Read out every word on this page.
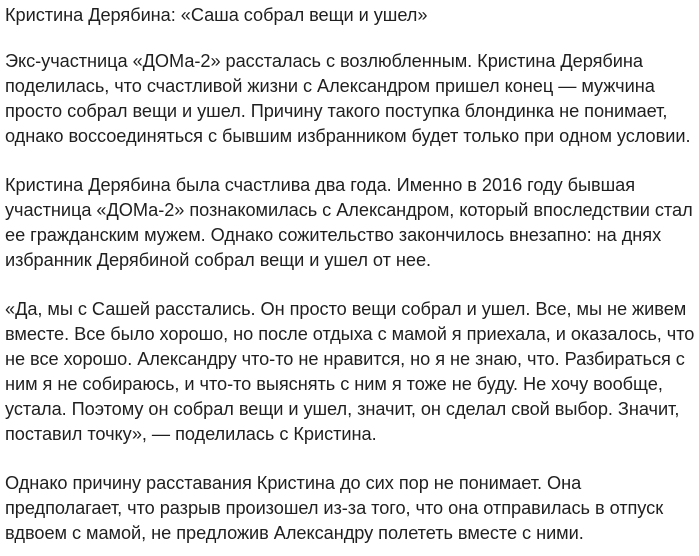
Кристина Дерябина: «Саша собрал вещи и ушел»

Экс-участница «ДОМа-2» рассталась с возлюбленным. Кристина Дерябина
поделилась, что счастливой жизни с Александром пришел конец — мужчина
просто собрал вещи и ушел. Причину такого поступка блондинка не понимает,
однако воссоединяться с бывшим избранником будет только при одном условии.

Кристина Дерябина была счастлива два года. Именно в 2016 году бывшая
участница «ДОМа-2» познакомилась с Александром, который впоследствии стал
ее гражданским мужем. Однако сожительство закончилось внезапно: на днях
избранник Дерябиной собрал вещи и ушел от нее.

«Да, мы с Сашей расстались. Он просто вещи собрал и ушел. Все, мы не живем
вместе. Все было хорошо, но после отдыха с мамой я приехала, и оказалось, что
не все хорошо. Александру что-то не нравится, но я не знаю, что. Разбираться с
ним я не собираюсь, и что-то выяснять с ним я тоже не буду. Не хочу вообще,
устала. Поэтому он собрал вещи и ушел, значит, он сделал свой выбор. Значит,
поставил точку», — поделилась с Кристина.

Однако причину расставания Кристина до сих пор не понимает. Она
предполагает, что разрыв произошел из-за того, что она отправилась в отпуск
вдвоем с мамой, не предложив Александру полететь вместе с ними.
